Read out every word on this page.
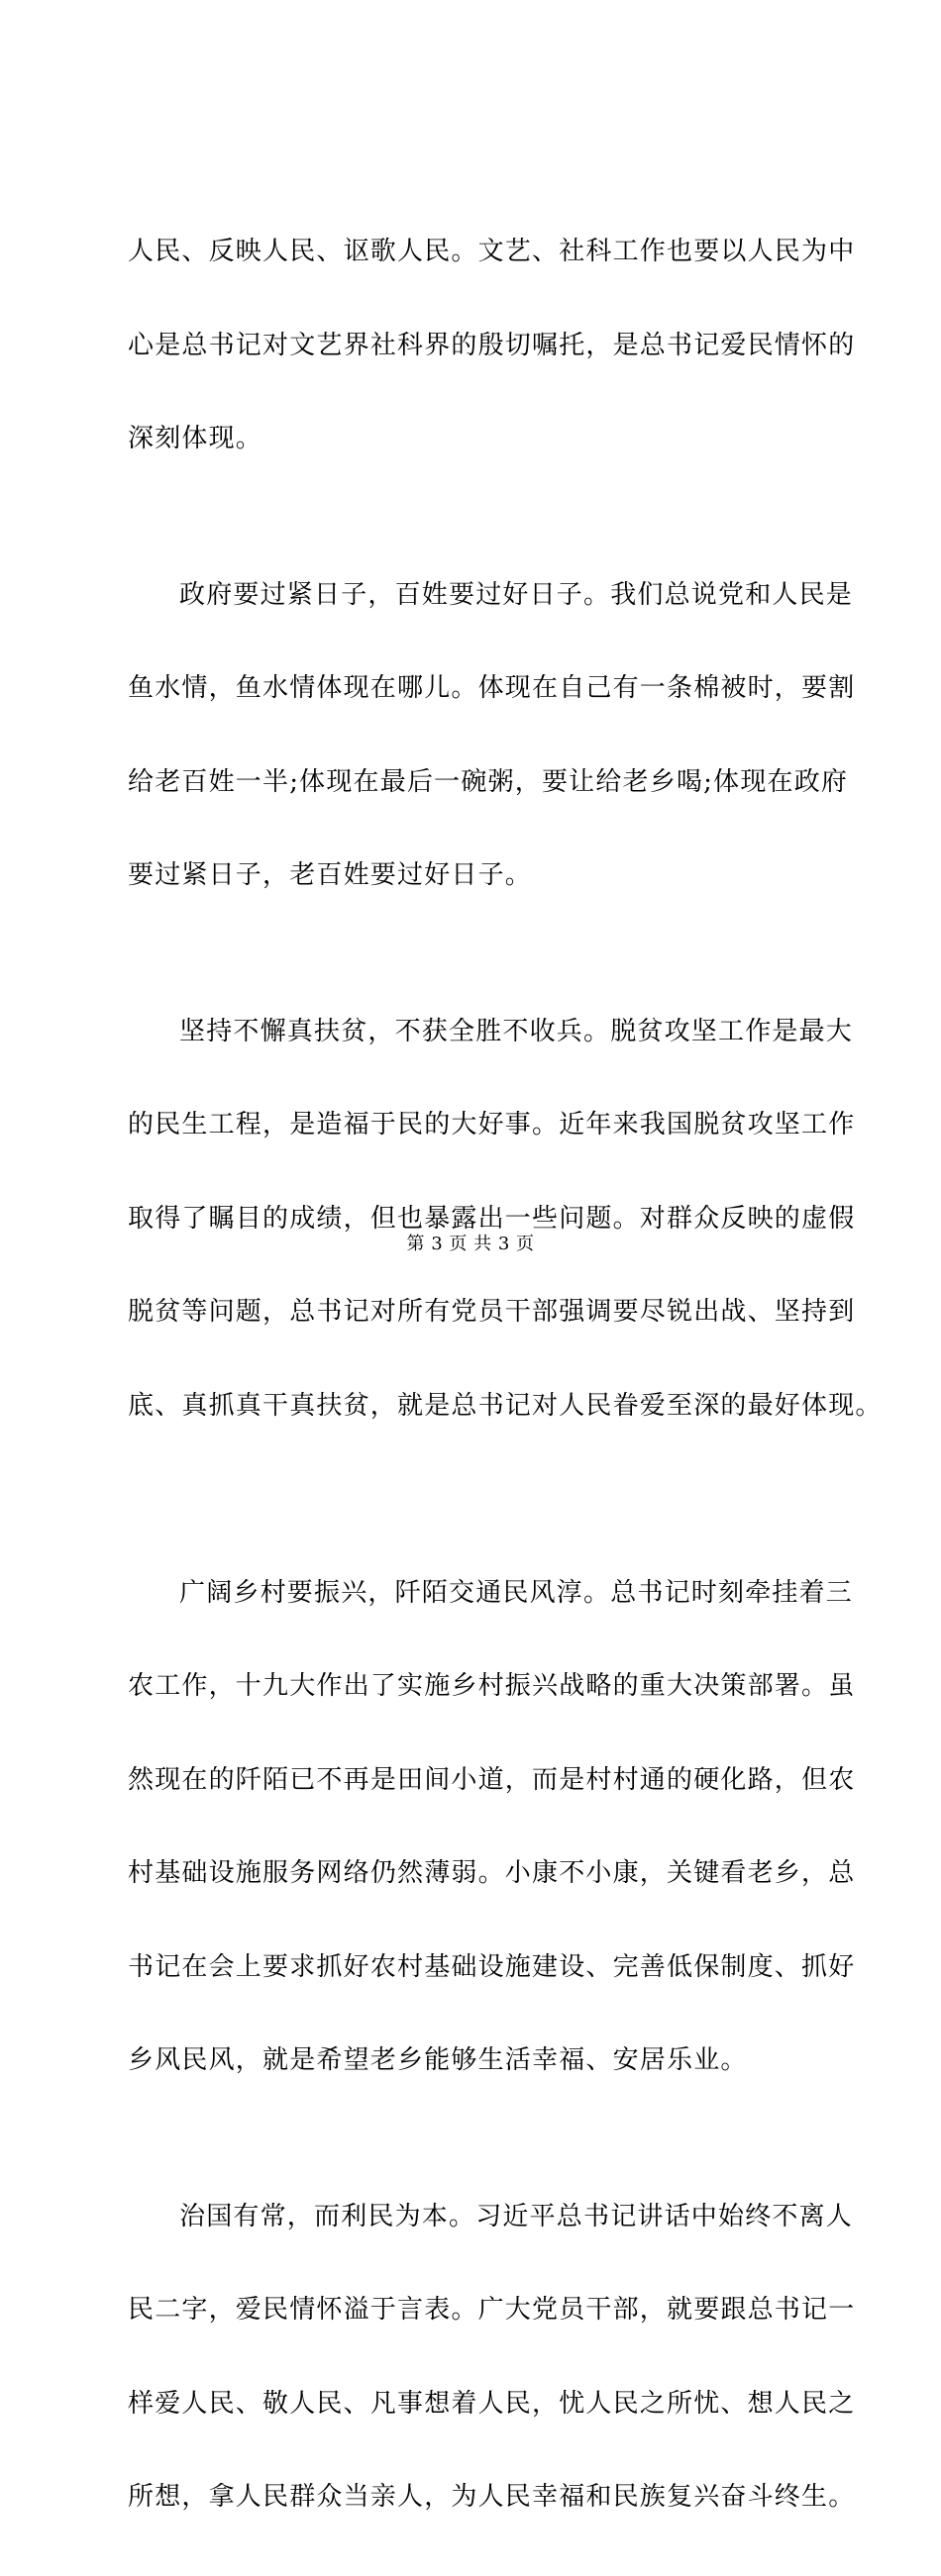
人民、反映人民、讴歌人民。文艺、社科工作也要以人民为中

心是总书记对文艺界社科界的殷切嘱托，是总书记爱民情怀的

深刻体现。

政府要过紧日子，百姓要过好日子。我们总说党和人民是

鱼水情，鱼水情体现在哪儿。体现在自己有一条棉被时，要割

给老百姓一半;体现在最后一碗粥，要让给老乡喝;体现在政府

要过紧日子，老百姓要过好日子。

坚持不懈真扶贫，不获全胜不收兵。脱贫攻坚工作是最大

的民生工程，是造福于民的大好事。近年来我国脱贫攻坚工作

取得了瞩目的成绩，但也暴露出一些问题。对群众反映的虚假

脱贫等问题，总书记对所有党员干部强调要尽锐出战、坚持到

底、真抓真干真扶贫，就是总书记对人民眷爱至深的最好体现。

广阔乡村要振兴，阡陌交通民风淳。总书记时刻牵挂着三

农工作，十九大作出了实施乡村振兴战略的重大决策部署。虽

然现在的阡陌已不再是田间小道，而是村村通的硬化路，但农

村基础设施服务网络仍然薄弱。小康不小康，关键看老乡，总

书记在会上要求抓好农村基础设施建设、完善低保制度、抓好

乡风民风，就是希望老乡能够生活幸福、安居乐业。

治国有常，而利民为本。习近平总书记讲话中始终不离人

民二字，爱民情怀溢于言表。广大党员干部，就要跟总书记一

样爱人民、敬人民、凡事想着人民，忧人民之所忧、想人民之

所想，拿人民群众当亲人，为人民幸福和民族复兴奋斗终生。

第 3 页 共 3 页
